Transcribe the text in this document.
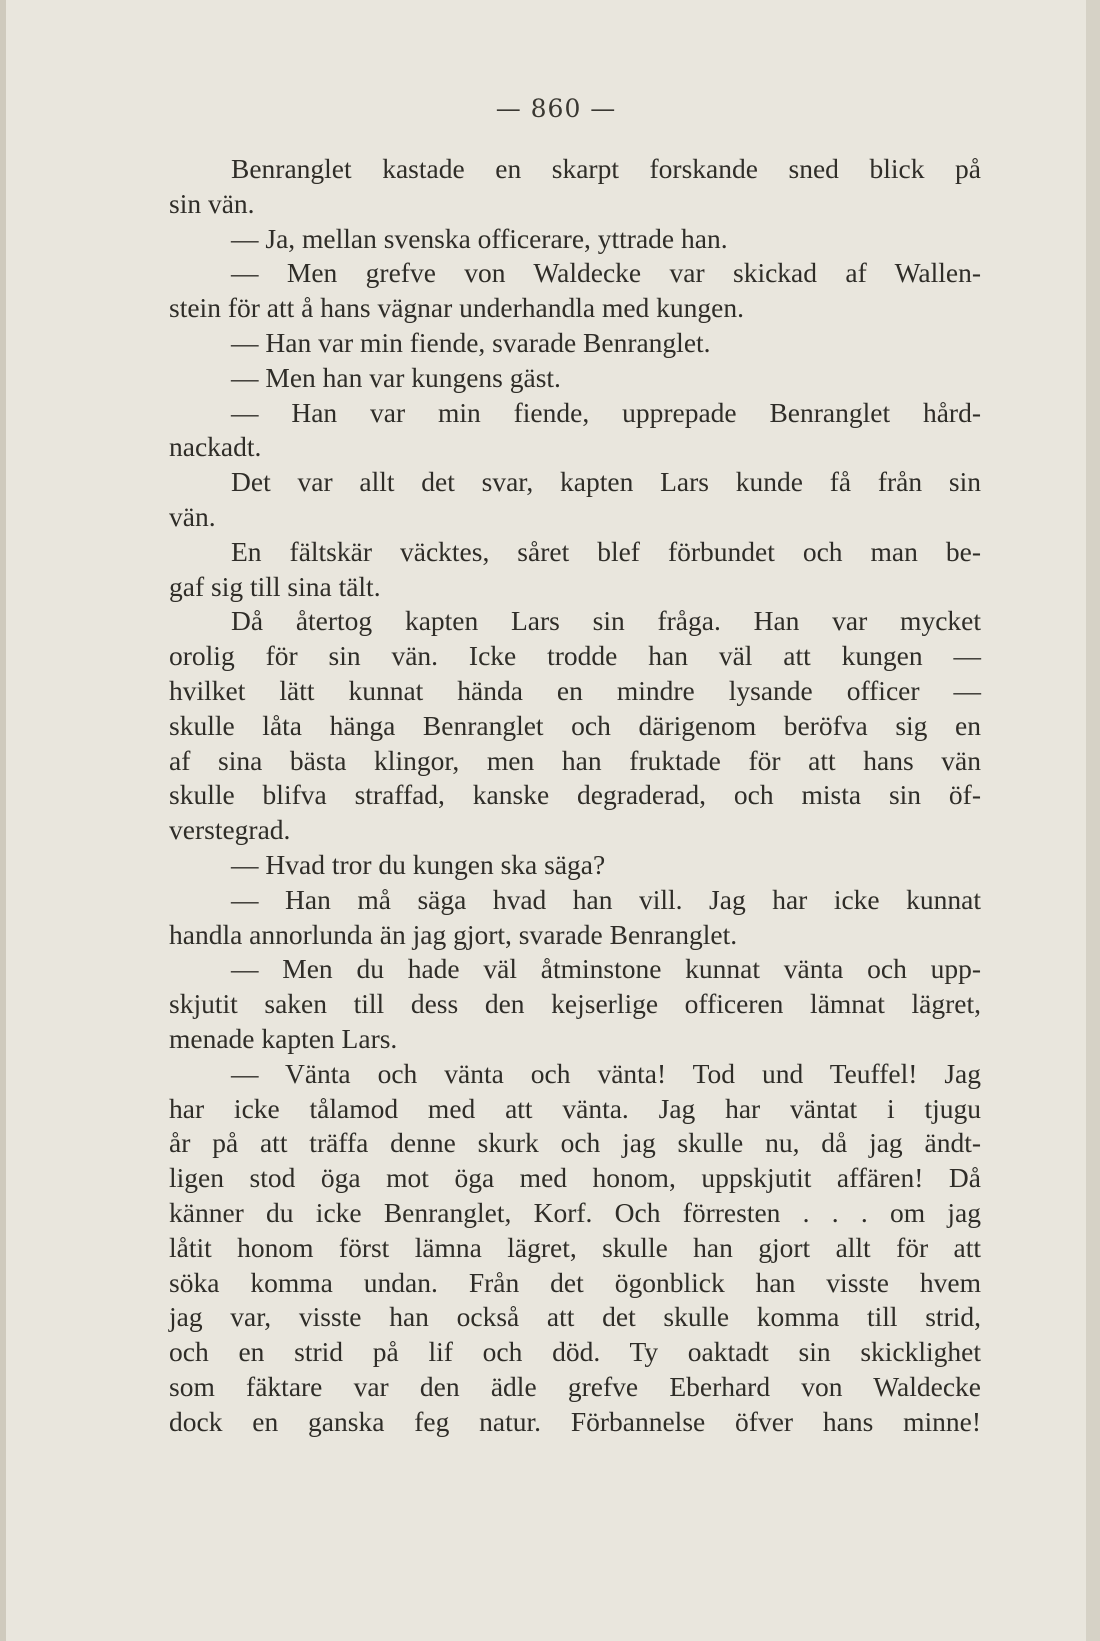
— 860 —
Benranglet kastade en skarpt forskande sned blick på
sin vän.
— Ja, mellan svenska officerare, yttrade han.
— Men grefve von Waldecke var skickad af Wallen-
stein för att å hans vägnar underhandla med kungen.
— Han var min fiende, svarade Benranglet.
— Men han var kungens gäst.
— Han var min fiende, upprepade Benranglet hård-
nackadt.
Det var allt det svar, kapten Lars kunde få från sin
vän.
En fältskär väcktes, såret blef förbundet och man be-
gaf sig till sina tält.
Då återtog kapten Lars sin fråga. Han var mycket
orolig för sin vän. Icke trodde han väl att kungen —
hvilket lätt kunnat hända en mindre lysande officer —
skulle låta hänga Benranglet och därigenom beröfva sig en
af sina bästa klingor, men han fruktade för att hans vän
skulle blifva straffad, kanske degraderad, och mista sin öf-
verstegrad.
— Hvad tror du kungen ska säga?
— Han må säga hvad han vill. Jag har icke kunnat
handla annorlunda än jag gjort, svarade Benranglet.
— Men du hade väl åtminstone kunnat vänta och upp-
skjutit saken till dess den kejserlige officeren lämnat lägret,
menade kapten Lars.
— Vänta och vänta och vänta! Tod und Teuffel! Jag
har icke tålamod med att vänta. Jag har väntat i tjugu
år på att träffa denne skurk och jag skulle nu, då jag ändt-
ligen stod öga mot öga med honom, uppskjutit affären! Då
känner du icke Benranglet, Korf. Och förresten . . . om jag
låtit honom först lämna lägret, skulle han gjort allt för att
söka komma undan. Från det ögonblick han visste hvem
jag var, visste han också att det skulle komma till strid,
och en strid på lif och död. Ty oaktadt sin skicklighet
som fäktare var den ädle grefve Eberhard von Waldecke
dock en ganska feg natur. Förbannelse öfver hans minne!
